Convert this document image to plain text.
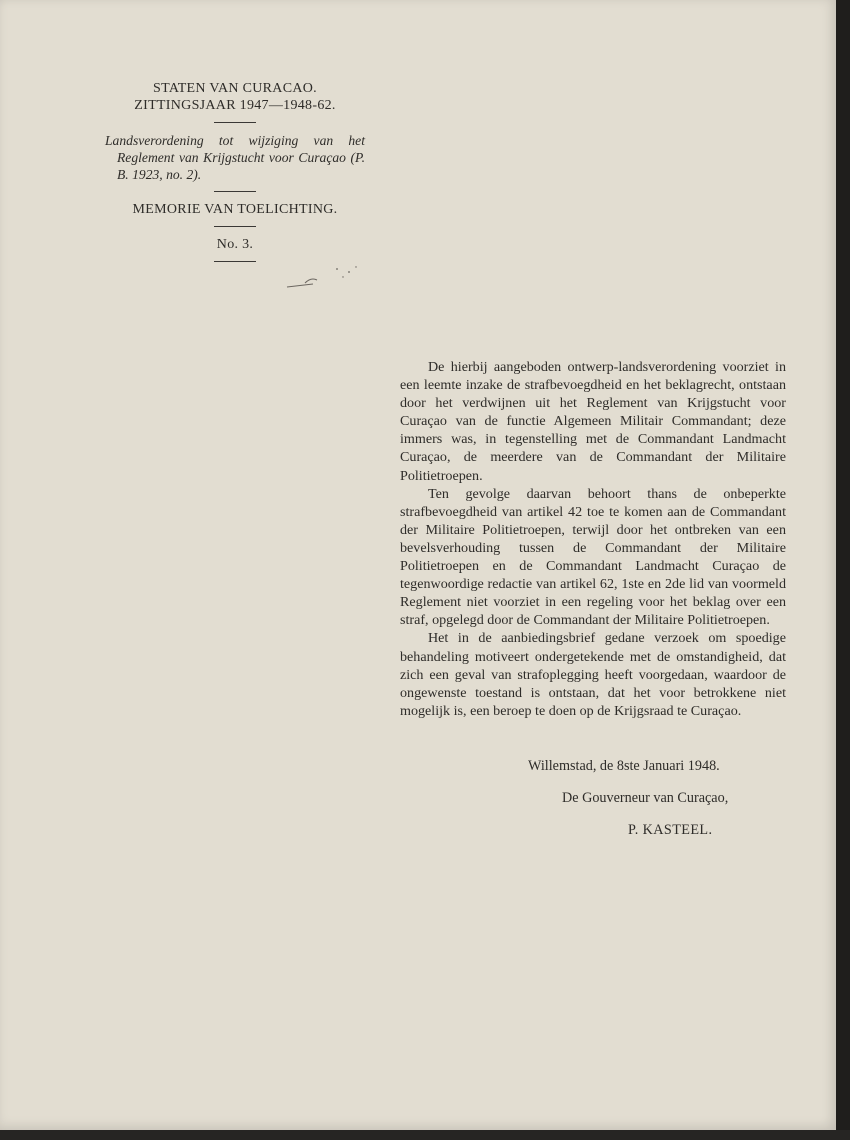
STATEN VAN CURACAO.
ZITTINGSJAAR 1947—1948-62.
Landsverordening tot wijziging van het Reglement van Krijgstucht voor Curaçao (P. B. 1923, no. 2).
MEMORIE VAN TOELICHTING.
No. 3.

De hierbij aangeboden ontwerp-landsverordening voorziet in een leemte inzake de strafbevoegdheid en het beklagrecht, ontstaan door het verdwijnen uit het Reglement van Krijgstucht voor Curaçao van de functie Algemeen Militair Commandant; deze immers was, in tegenstelling met de Commandant Landmacht Curaçao, de meerdere van de Commandant der Militaire Politietroepen.

Ten gevolge daarvan behoort thans de onbeperkte strafbevoegdheid van artikel 42 toe te komen aan de Commandant der Militaire Politietroepen, terwijl door het ontbreken van een bevelsverhouding tussen de Commandant der Militaire Politietroepen en de Commandant Landmacht Curaçao de tegenwoordige redactie van artikel 62, 1ste en 2de lid van voormeld Reglement niet voorziet in een regeling voor het beklag over een straf, opgelegd door de Commandant der Militaire Politietroepen.

Het in de aanbiedingsbrief gedane verzoek om spoedige behandeling motiveert ondergetekende met de omstandigheid, dat zich een geval van strafoplegging heeft voorgedaan, waardoor de ongewenste toestand is ontstaan, dat het voor betrokkene niet mogelijk is, een beroep te doen op de Krijgsraad te Curaçao.

Willemstad, de 8ste Januari 1948.
De Gouverneur van Curaçao,
P. KASTEEL.
